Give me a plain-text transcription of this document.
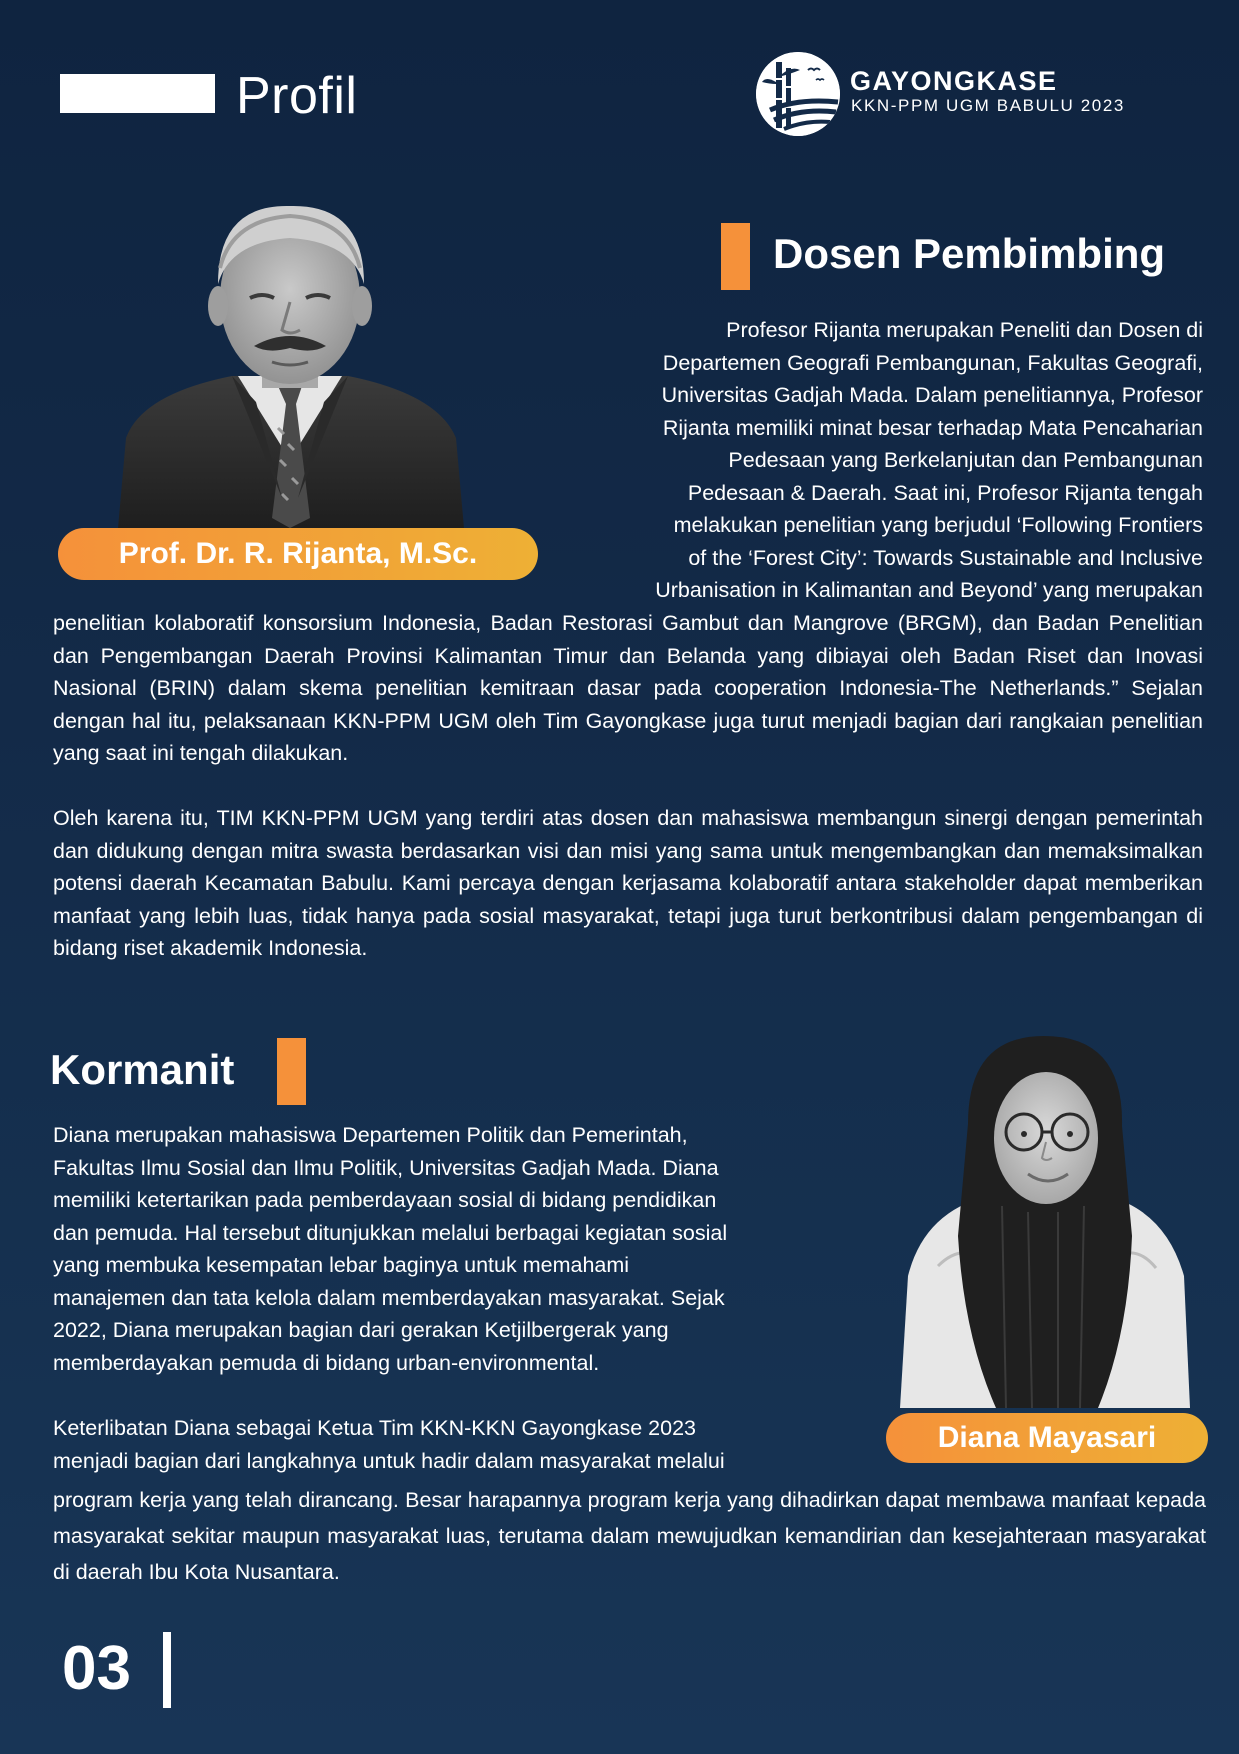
Profil	GAYONGKASE
KKN-PPM UGM BABULU 2023
Prof. Dr. R. Rijanta, M.Sc.
Dosen Pembimbing
Profesor Rijanta merupakan Peneliti dan Dosen di
Departemen Geografi Pembangunan, Fakultas Geografi,
Universitas Gadjah Mada. Dalam penelitiannya, Profesor
Rijanta memiliki minat besar terhadap Mata Pencaharian
Pedesaan yang Berkelanjutan dan Pembangunan
Pedesaan & Daerah. Saat ini, Profesor Rijanta tengah
melakukan penelitian yang berjudul ‘Following Frontiers
of the ‘Forest City’: Towards Sustainable and Inclusive
Urbanisation in Kalimantan and Beyond’ yang merupakan
penelitian kolaboratif konsorsium Indonesia, Badan Restorasi Gambut dan Mangrove (BRGM), dan Badan Penelitian dan Pengembangan Daerah Provinsi Kalimantan Timur dan Belanda yang dibiayai oleh Badan Riset dan Inovasi Nasional (BRIN) dalam skema penelitian kemitraan dasar pada cooperation Indonesia-The Netherlands.” Sejalan dengan hal itu, pelaksanaan KKN-PPM UGM oleh Tim Gayongkase juga turut menjadi bagian dari rangkaian penelitian yang saat ini tengah dilakukan.
Oleh karena itu, TIM KKN-PPM UGM yang terdiri atas dosen dan mahasiswa membangun sinergi dengan pemerintah dan didukung dengan mitra swasta berdasarkan visi dan misi yang sama untuk mengembangkan dan memaksimalkan potensi daerah Kecamatan Babulu. Kami percaya dengan kerjasama kolaboratif antara stakeholder dapat memberikan manfaat yang lebih luas, tidak hanya pada sosial masyarakat, tetapi juga turut berkontribusi dalam pengembangan di bidang riset akademik Indonesia.
Kormanit
Diana merupakan mahasiswa Departemen Politik dan Pemerintah,
Fakultas Ilmu Sosial dan Ilmu Politik, Universitas Gadjah Mada. Diana
memiliki ketertarikan pada pemberdayaan sosial di bidang pendidikan
dan pemuda. Hal tersebut ditunjukkan melalui berbagai kegiatan sosial
yang membuka kesempatan lebar baginya untuk memahami
manajemen dan tata kelola dalam memberdayakan masyarakat. Sejak
2022, Diana merupakan bagian dari gerakan Ketjilbergerak yang
memberdayakan pemuda di bidang urban-environmental.
Keterlibatan Diana sebagai Ketua Tim KKN-KKN Gayongkase 2023
menjadi bagian dari langkahnya untuk hadir dalam masyarakat melalui
program kerja yang telah dirancang. Besar harapannya program kerja yang dihadirkan dapat membawa manfaat kepada masyarakat sekitar maupun masyarakat luas, terutama dalam mewujudkan kemandirian dan kesejahteraan masyarakat di daerah Ibu Kota Nusantara.
Diana Mayasari
03
